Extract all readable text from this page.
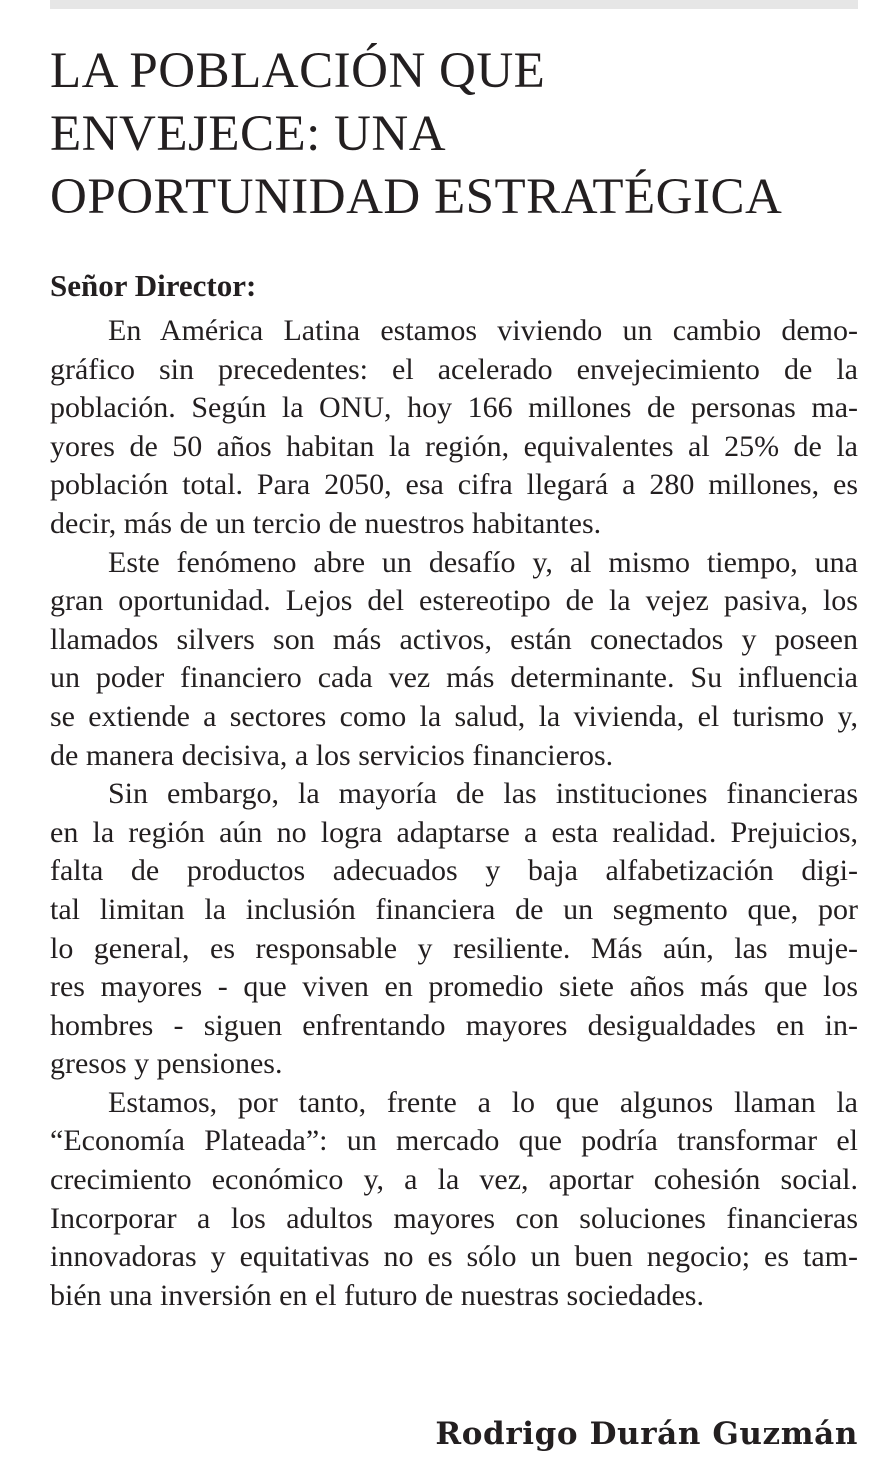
LA POBLACIÓN QUE
ENVEJECE: UNA
OPORTUNIDAD ESTRATÉGICA

Señor Director:

En América Latina estamos viviendo un cambio demo-
gráfico sin precedentes: el acelerado envejecimiento de la
población. Según la ONU, hoy 166 millones de personas ma-
yores de 50 años habitan la región, equivalentes al 25% de la
población total. Para 2050, esa cifra llegará a 280 millones, es
decir, más de un tercio de nuestros habitantes.
Este fenómeno abre un desafío y, al mismo tiempo, una
gran oportunidad. Lejos del estereotipo de la vejez pasiva, los
llamados silvers son más activos, están conectados y poseen
un poder financiero cada vez más determinante. Su influencia
se extiende a sectores como la salud, la vivienda, el turismo y,
de manera decisiva, a los servicios financieros.
Sin embargo, la mayoría de las instituciones financieras
en la región aún no logra adaptarse a esta realidad. Prejuicios,
falta de productos adecuados y baja alfabetización digi-
tal limitan la inclusión financiera de un segmento que, por
lo general, es responsable y resiliente. Más aún, las muje-
res mayores - que viven en promedio siete años más que los
hombres - siguen enfrentando mayores desigualdades en in-
gresos y pensiones.
Estamos, por tanto, frente a lo que algunos llaman la
“Economía Plateada”: un mercado que podría transformar el
crecimiento económico y, a la vez, aportar cohesión social.
Incorporar a los adultos mayores con soluciones financieras
innovadoras y equitativas no es sólo un buen negocio; es tam-
bién una inversión en el futuro de nuestras sociedades.

Rodrigo Durán Guzmán
